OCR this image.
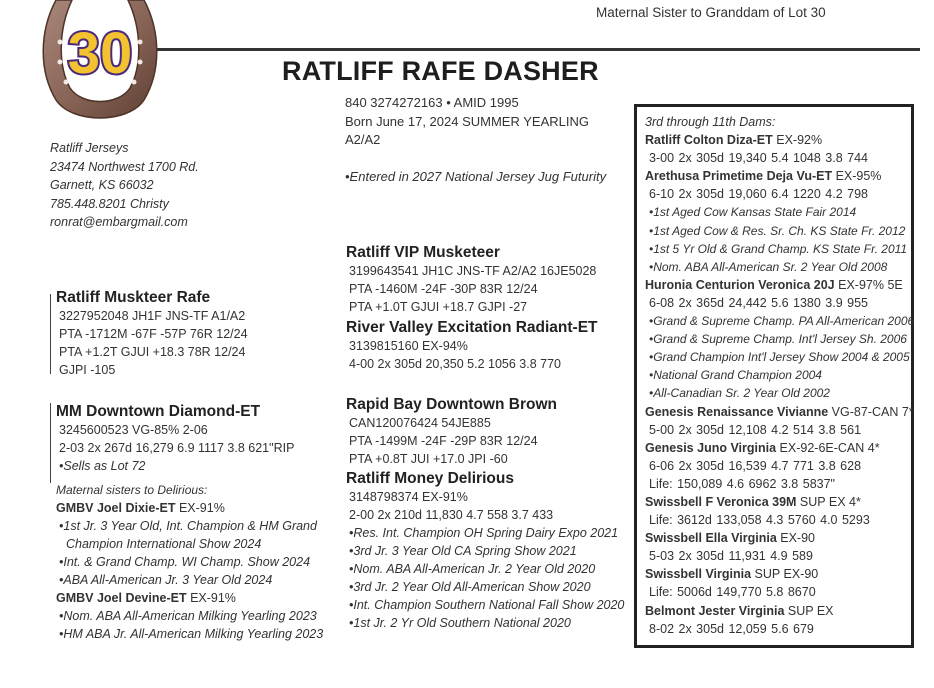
Maternal Sister to Granddam of Lot 30
30	RATLIFF RAFE DASHER
840 3274272163 • AMID 1995
Born June 17, 2024 SUMMER YEARLING
A2/A2
•Entered in 2027 National Jersey Jug Futurity
Ratliff Jerseys
23474 Northwest 1700 Rd.
Garnett, KS 66032
785.448.8201 Christy
ronrat@embargmail.com
Ratliff Muskteer Rafe
3227952048 JH1F JNS-TF A1/A2
PTA -1712M -67F -57P 76R 12/24
PTA +1.2T GJUI +18.3 78R 12/24
GJPI -105
MM Downtown Diamond-ET
3245600523 VG-85% 2-06
2-03 2x 267d 16,279 6.9 1117 3.8 621"RIP
•Sells as Lot 72
Maternal sisters to Delirious:
GMBV Joel Dixie-ET EX-91%
•1st Jr. 3 Year Old, Int. Champion & HM Grand
Champion International Show 2024
•Int. & Grand Champ. WI Champ. Show 2024
•ABA All-American Jr. 3 Year Old 2024
GMBV Joel Devine-ET EX-91%
•Nom. ABA All-American Milking Yearling 2023
•HM ABA Jr. All-American Milking Yearling 2023
Ratliff VIP Musketeer
3199643541 JH1C JNS-TF A2/A2 16JE5028
PTA -1460M -24F -30P 83R 12/24
PTA +1.0T GJUI +18.7 GJPI -27
River Valley Excitation Radiant-ET
3139815160 EX-94%
4-00 2x 305d 20,350 5.2 1056 3.8 770
Rapid Bay Downtown Brown
CAN120076424 54JE885
PTA -1499M -24F -29P 83R 12/24
PTA +0.8T JUI +17.0 JPI -60
Ratliff Money Delirious
3148798374 EX-91%
2-00 2x 210d 11,830 4.7 558 3.7 433
•Res. Int. Champion OH Spring Dairy Expo 2021
•3rd Jr. 3 Year Old CA Spring Show 2021
•Nom. ABA All-American Jr. 2 Year Old 2020
•3rd Jr. 2 Year Old All-American Show 2020
•Int. Champion Southern National Fall Show 2020
•1st Jr. 2 Yr Old Southern National 2020
3rd through 11th Dams:
Ratliff Colton Diza-ET EX-92%
3-00 2x 305d 19,340 5.4 1048 3.8 744
Arethusa Primetime Deja Vu-ET EX-95%
6-10 2x 305d 19,060 6.4 1220 4.2 798
•1st Aged Cow Kansas State Fair 2014
•1st Aged Cow & Res. Sr. Ch. KS State Fr. 2012
•1st 5 Yr Old & Grand Champ. KS State Fr. 2011
•Nom. ABA All-American Sr. 2 Year Old 2008
Huronia Centurion Veronica 20J EX-97% 5E
6-08 2x 365d 24,442 5.6 1380 3.9 955
•Grand & Supreme Champ. PA All-American 2006
•Grand & Supreme Champ. Int'l Jersey Sh. 2006
•Grand Champion Int'l Jersey Show 2004 & 2005
•National Grand Champion 2004
•All-Canadian Sr. 2 Year Old 2002
Genesis Renaissance Vivianne VG-87-CAN 7*
5-00 2x 305d 12,108 4.2 514 3.8 561
Genesis Juno Virginia EX-92-6E-CAN 4*
6-06 2x 305d 16,539 4.7 771 3.8 628
Life: 150,089 4.6 6962 3.8 5837"
Swissbell F Veronica 39M SUP EX 4*
Life: 3612d 133,058 4.3 5760 4.0 5293
Swissbell Ella Virginia EX-90
5-03 2x 305d 11,931 4.9 589
Swissbell Virginia SUP EX-90
Life: 5006d 149,770 5.8 8670
Belmont Jester Virginia SUP EX
8-02 2x 305d 12,059 5.6 679
